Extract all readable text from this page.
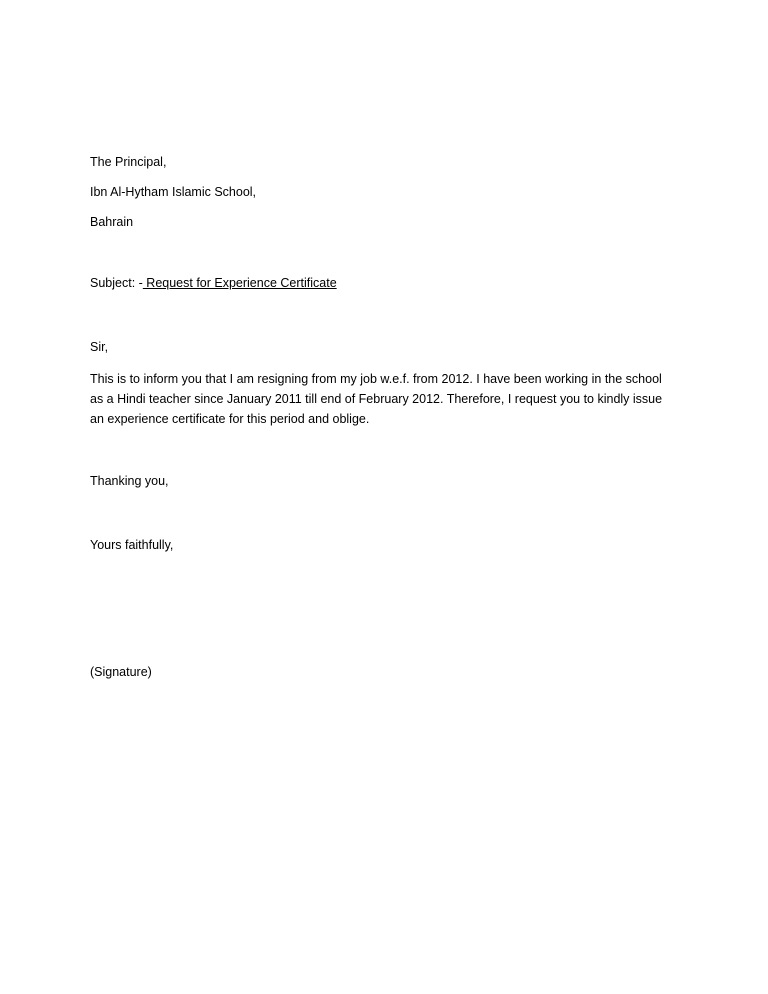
The Principal,

Ibn Al-Hytham Islamic School,

Bahrain

Subject: - Request for Experience Certificate

Sir,

This is to inform you that I am resigning from my job w.e.f. from 2012. I have been working in the school
as a Hindi teacher since January 2011 till end of February 2012. Therefore, I request you to kindly issue
an experience certificate for this period and oblige.

Thanking you,

Yours faithfully,

(Signature)
